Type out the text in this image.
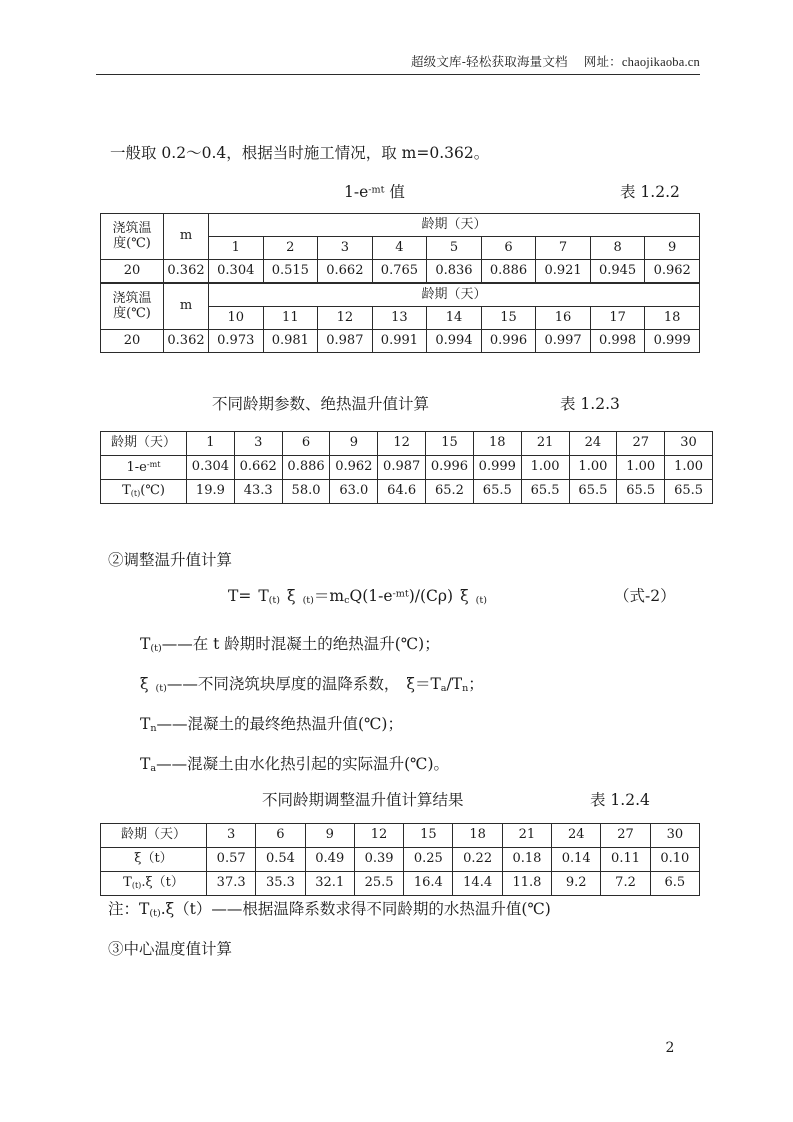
超级文库-轻松获取海量文档 网址：chaojikaoba.cn
一般取 0.2～0.4，根据当时施工情况，取 m=0.362。
$1-e^{-mt}$ 值	表 1.2.2
浇筑温
度(℃)	m	龄期（天）								
		1	2	3	4	5	6	7	8	9
20	0.362	0.304	0.515	0.662	0.765	0.836	0.886	0.921	0.945	0.962
浇筑温
度(℃)	m	龄期（天）								
		10	11	12	13	14	15	16	17	18
20	0.362	0.973	0.981	0.987	0.991	0.994	0.996	0.997	0.998	0.999
不同龄期参数、绝热温升值计算	表 1.2.3
龄期（天）	1	3	6	9	12	15	18	21	24	27	30
$1-e^{-mt}$	0.304	0.662	0.886	0.962	0.987	0.996	0.999	1.00	1.00	1.00	1.00
$T_{(t)}(℃)$	19.9	43.3	58.0	63.0	64.6	65.2	65.5	65.5	65.5	65.5	65.5
②调整温升值计算
$T= T_{(t)}$ ξ $_{(t)}=m_cQ(1-e^{-mt})/(C\rho)$ ξ $_{(t)}$	（式-2）
$T_{(t)}——$在 t 龄期时混凝土的绝热温升(℃)；
ξ $_{(t)}$——不同浇筑块厚度的温降系数， $\xi=T_a/T_n$；
$T_n——$混凝土的最终绝热温升值(℃)；
$T_a——$混凝土由水化热引起的实际温升(℃)。
不同龄期调整温升值计算结果	表 1.2.4
龄期（天）	3	6	9	12	15	18	21	24	27	30
ξ（t）	0.57	0.54	0.49	0.39	0.25	0.22	0.18	0.14	0.11	0.10
$T_{(t)}.\xi(t)$	37.3	35.3	32.1	25.5	16.4	14.4	11.8	9.2	7.2	6.5
注：$T_{(t)}.\xi(t)——$根据温降系数求得不同龄期的水热温升值(℃)
③中心温度值计算
2
